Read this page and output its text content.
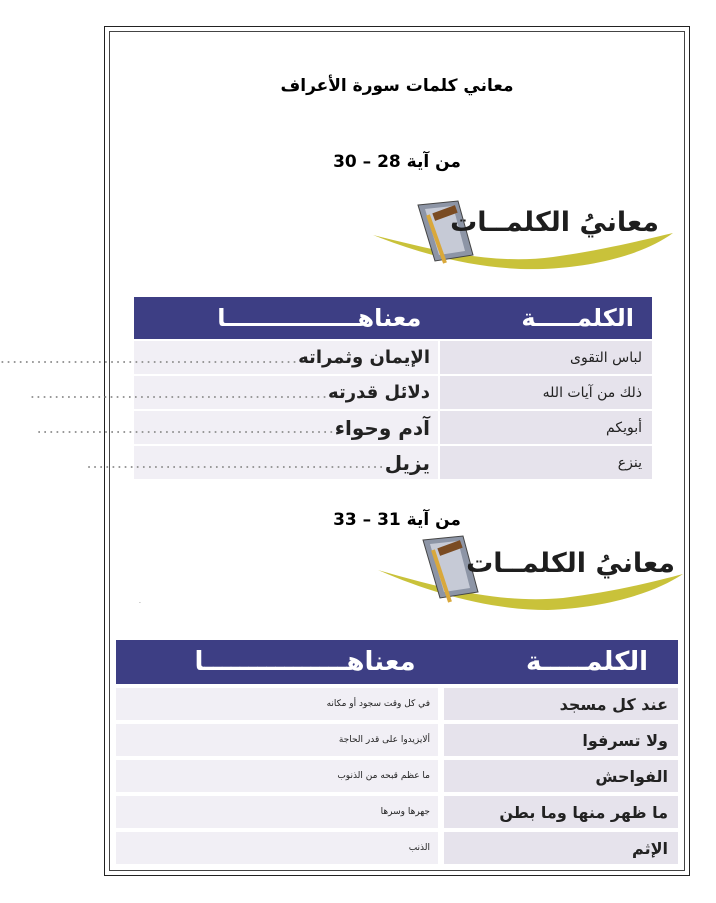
معاني كلمات سورة الأعراف
من آية 28 – 30
معانيُ الكلمــات
الكلمـــــة
معناهــــــــــــــــا
لباس التقوى
الإيمان وثمراته
.................................................
ذلك من آيات الله
دلائل قدرته
.................................................
أبويكم
آدم وحواء
.................................................
ينزع
يزيل
.................................................
من آية 31 – 33
معانيُ الكلمــات
.
الكلمـــــة
معناهــــــــــــــــا
عند كل مسجد
في كل وقت سجود أو مكانه
ولا تسرفوا
ألايزيدوا على قدر الحاجة
الفواحش
ما عظم قبحه من الذنوب
ما ظهر منها وما بطن
جهرها وسرها
الإثم
الذنب
